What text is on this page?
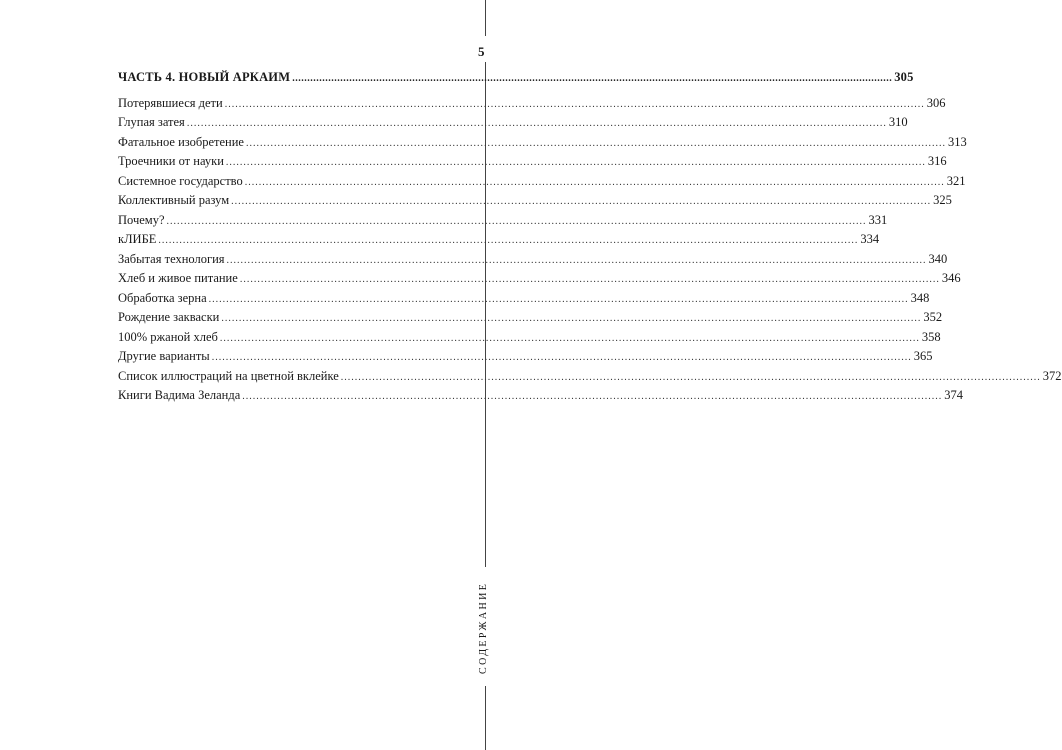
5
СОДЕРЖАНИЕ
ЧАСТЬ 4. НОВЫЙ АРКАИМ ........................................................................................................................................................................................................ 305
Потерявшиеся дети ........................................................................................................................................................................................................ 306
Глупая затея ........................................................................................................................................................................................................ 310
Фатальное изобретение ........................................................................................................................................................................................................ 313
Троечники от науки ........................................................................................................................................................................................................ 316
Системное государство ........................................................................................................................................................................................................ 321
Коллективный разум ........................................................................................................................................................................................................ 325
Почему? ........................................................................................................................................................................................................ 331
кЛИБЕ ........................................................................................................................................................................................................ 334
Забытая технология ........................................................................................................................................................................................................ 340
Хлеб и живое питание ........................................................................................................................................................................................................ 346
Обработка зерна ........................................................................................................................................................................................................ 348
Рождение закваски ........................................................................................................................................................................................................ 352
100% ржаной хлеб ........................................................................................................................................................................................................ 358
Другие варианты ........................................................................................................................................................................................................ 365
Список иллюстраций на цветной вклейке ........................................................................................................................................................................................................ 372
Книги Вадима Зеланда ........................................................................................................................................................................................................ 374
